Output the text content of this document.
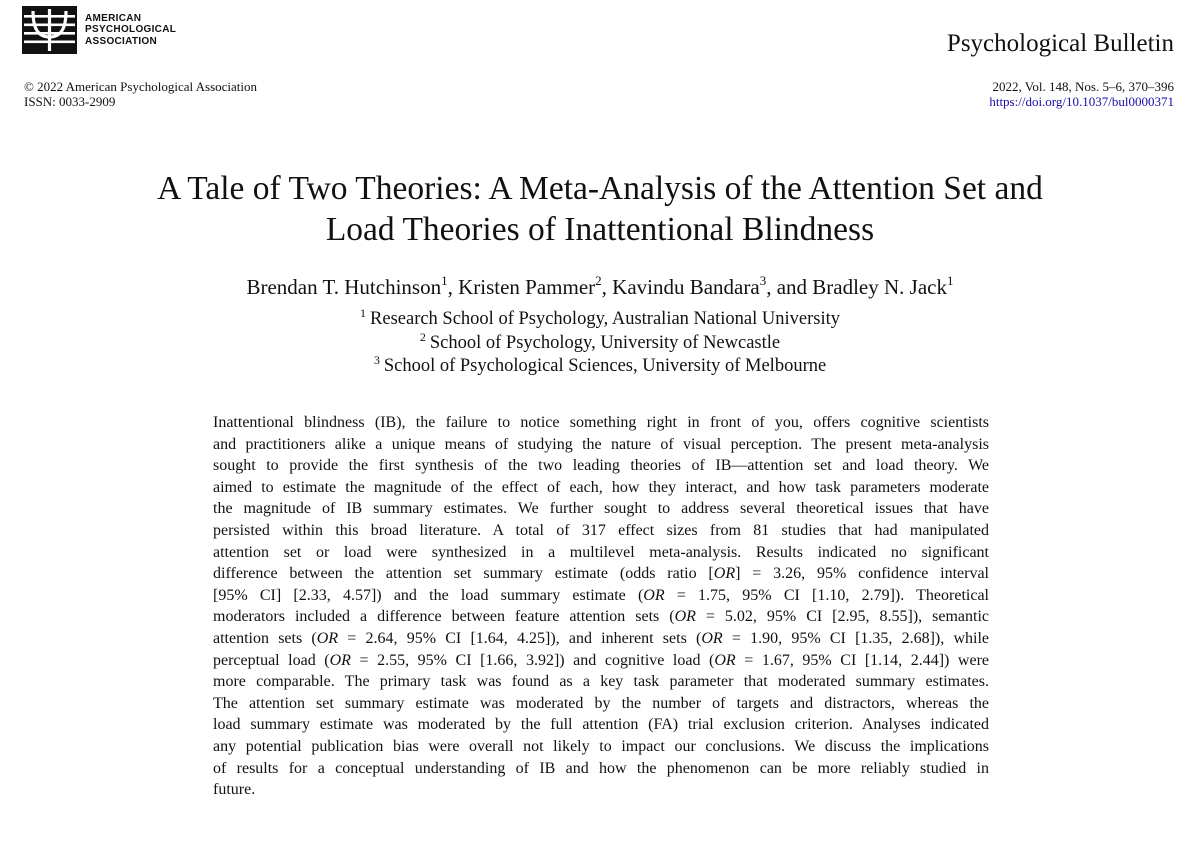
AMERICAN
PSYCHOLOGICAL
ASSOCIATION	Psychological Bulletin
© 2022 American Psychological Association
ISSN: 0033-2909
2022, Vol. 148, Nos. 5–6, 370–396
https://doi.org/10.1037/bul0000371
A Tale of Two Theories: A Meta-Analysis of the Attention Set and
Load Theories of Inattentional Blindness
Brendan T. Hutchinson$^1$, Kristen Pammer$^2$, Kavindu Bandara$^3$, and Bradley N. Jack$^1$
$^1$ Research School of Psychology, Australian National University
$^2$ School of Psychology, University of Newcastle
$^3$ School of Psychological Sciences, University of Melbourne
Inattentional blindness (IB), the failure to notice something right in front of you, offers cognitive scientists
and practitioners alike a unique means of studying the nature of visual perception. The present meta-analysis
sought to provide the first synthesis of the two leading theories of IB—attention set and load theory. We
aimed to estimate the magnitude of the effect of each, how they interact, and how task parameters moderate
the magnitude of IB summary estimates. We further sought to address several theoretical issues that have
persisted within this broad literature. A total of 317 effect sizes from 81 studies that had manipulated
attention set or load were synthesized in a multilevel meta-analysis. Results indicated no significant
difference between the attention set summary estimate (odds ratio [OR] = 3.26, 95% confidence interval
[95% CI] [2.33, 4.57]) and the load summary estimate (OR = 1.75, 95% CI [1.10, 2.79]). Theoretical
moderators included a difference between feature attention sets (OR = 5.02, 95% CI [2.95, 8.55]), semantic
attention sets (OR = 2.64, 95% CI [1.64, 4.25]), and inherent sets (OR = 1.90, 95% CI [1.35, 2.68]), while
perceptual load (OR = 2.55, 95% CI [1.66, 3.92]) and cognitive load (OR = 1.67, 95% CI [1.14, 2.44]) were
more comparable. The primary task was found as a key task parameter that moderated summary estimates.
The attention set summary estimate was moderated by the number of targets and distractors, whereas the
load summary estimate was moderated by the full attention (FA) trial exclusion criterion. Analyses indicated
any potential publication bias were overall not likely to impact our conclusions. We discuss the implications
of results for a conceptual understanding of IB and how the phenomenon can be more reliably studied in
future.
